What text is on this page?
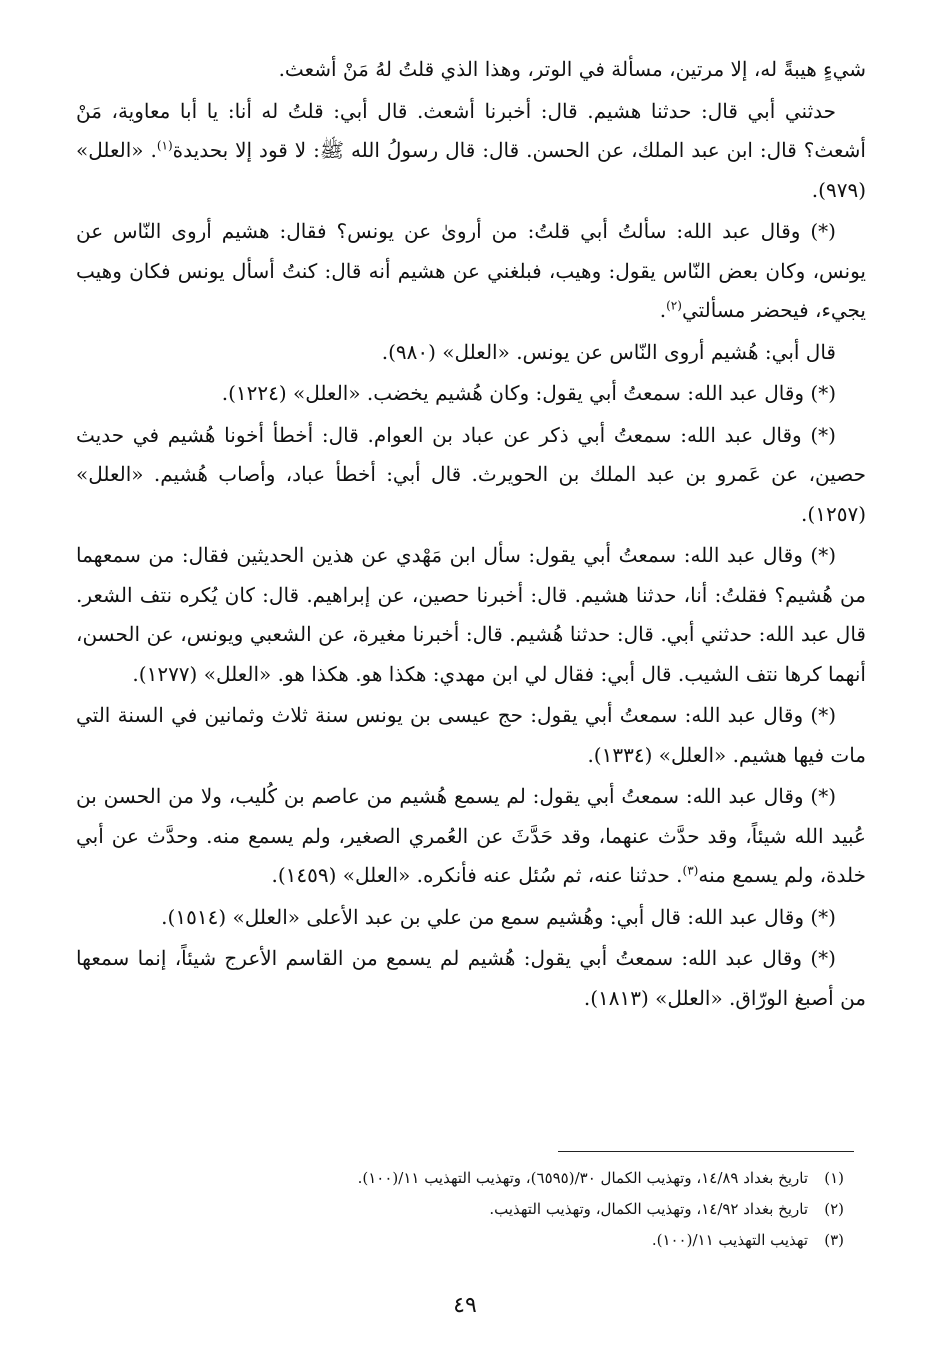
شيءٍ هيبةً له، إلا مرتين، مسألة في الوتر، وهذا الذي قلتُ لهُ مَنْ أشعث.

حدثني أبي قال: حدثنا هشيم. قال: أخبرنا أشعث. قال أبي: قلتُ له أنا: يا أبا معاوية، مَنْ أشعث؟ قال: ابن عبد الملك، عن الحسن. قال: قال رسولُ الله ﷺ: لا قود إلا بحديدة$^{(١)}$. «العلل» (٩٧٩).

(*) وقال عبد الله: سألتُ أبي قلتُ: من أروىٰ عن يونس؟ فقال: هشيم أروى النّاس عن يونس، وكان بعض النّاس يقول: وهيب، فبلغني عن هشيم أنه قال: كنتُ أسأل يونس فكان وهيب يجيء، فيحضر مسألتي$^{(٢)}$.

قال أبي: هُشيم أروى النّاس عن يونس. «العلل» (٩٨٠).

(*) وقال عبد الله: سمعتُ أبي يقول: وكان هُشيم يخضب. «العلل» (١٢٢٤).

(*) وقال عبد الله: سمعتُ أبي ذكر عن عباد بن العوام. قال: أخطأ أخونا هُشيم في حديث حصين، عن عَمرو بن عبد الملك بن الحويرث. قال أبي: أخطأ عباد، وأصاب هُشيم. «العلل» (١٢٥٧).

(*) وقال عبد الله: سمعتُ أبي يقول: سأل ابن مَهْدي عن هذين الحديثين فقال: من سمعهما من هُشيم؟ فقلتُ: أنا، حدثنا هشيم. قال: أخبرنا حصين، عن إبراهيم. قال: كان يُكره نتف الشعر. قال عبد الله: حدثني أبي. قال: حدثنا هُشيم. قال: أخبرنا مغيرة، عن الشعبي ويونس، عن الحسن، أنهما كرها نتف الشيب. قال أبي: فقال لي ابن مهدي: هكذا هو. هكذا هو. «العلل» (١٢٧٧).

(*) وقال عبد الله: سمعتُ أبي يقول: حج عيسى بن يونس سنة ثلاث وثمانين في السنة التي مات فيها هشيم. «العلل» (١٣٣٤).

(*) وقال عبد الله: سمعتُ أبي يقول: لم يسمع هُشيم من عاصم بن كُليب، ولا من الحسن بن عُبيد الله شيئاً، وقد حدَّث عنهما، وقد حَدَّثَ عن العُمري الصغير، ولم يسمع منه. وحدَّث عن أبي خلدة، ولم يسمع منه$^{(٣)}$. حدثنا عنه، ثم سُئل عنه فأنكره. «العلل» (١٤٥٩).

(*) وقال عبد الله: قال أبي: وهُشيم سمع من علي بن عبد الأعلى «العلل» (١٥١٤).

(*) وقال عبد الله: سمعتُ أبي يقول: هُشيم لم يسمع من القاسم الأعرج شيئاً، إنما سمعها من أصبغ الورّاق. «العلل» (١٨١٣).

(١)تاريخ بغداد ١٤/٨٩، وتهذيب الكمال ٣٠/(٦٥٩٥)، وتهذيب التهذيب ١١/(١٠٠).

(٢)تاريخ بغداد ١٤/٩٢، وتهذيب الكمال، وتهذيب التهذيب.

(٣)تهذيب التهذيب ١١/(١٠٠).

٤٩
